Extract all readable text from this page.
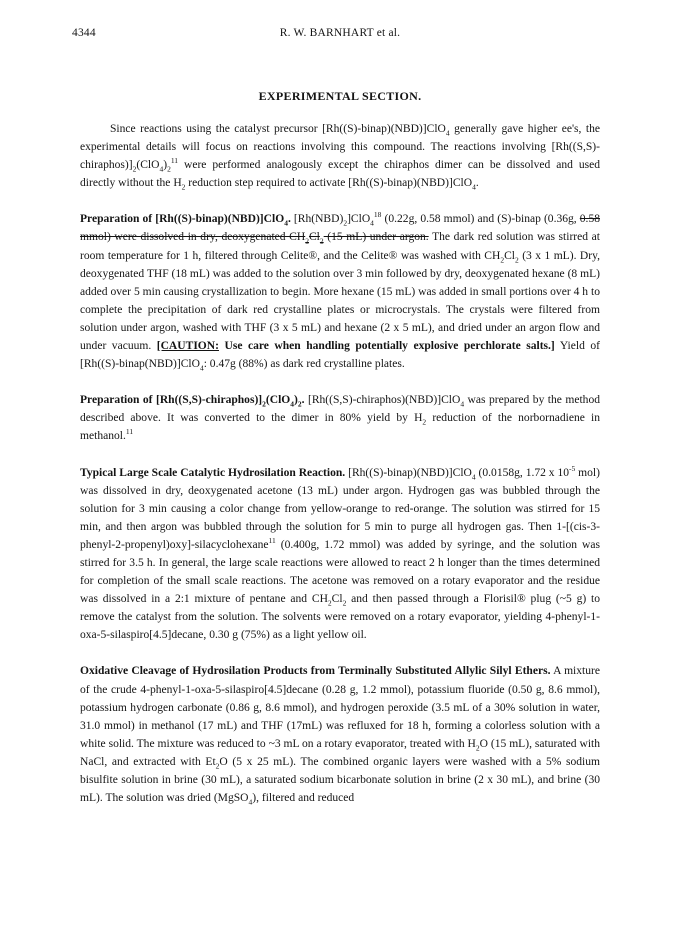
4344	R. W. BARNHART et al.
EXPERIMENTAL SECTION.

Since reactions using the catalyst precursor [Rh((S)-binap)(NBD)]ClO$_4$ generally gave higher ee's, the experimental details will focus on reactions involving this compound. The reactions involving $[Rh((S,S)-chiraphos)]_2(ClO_4)_2^{11}$ were performed analogously except the chiraphos dimer can be dissolved and used directly without the $H_2$ reduction step required to activate [Rh((S)-binap)(NBD)]ClO$_4$.

Preparation of [Rh((S)-binap)(NBD)]ClO$_4$. $[Rh(NBD)_2]ClO_4^{18}$ (0.22g, 0.58 mmol) and (S)-binap (0.36g, 0.58 mmol) were dissolved in dry, deoxygenated $CH_2Cl_2$ (15 mL) under argon. The dark red solution was stirred at room temperature for 1 h, filtered through Celite®, and the Celite® was washed with $CH_2Cl_2$ (3 x 1 mL). Dry, deoxygenated THF (18 mL) was added to the solution over 3 min followed by dry, deoxygenated hexane (8 mL) added over 5 min causing crystallization to begin. More hexane (15 mL) was added in small portions over 4 h to complete the precipitation of dark red crystalline plates or microcrystals. The crystals were filtered from solution under argon, washed with THF (3 x 5 mL) and hexane (2 x 5 mL), and dried under an argon flow and under vacuum. [CAUTION: Use care when handling potentially explosive perchlorate salts.] Yield of [Rh((S)-binap(NBD)]ClO$_4$: 0.47g (88%) as dark red crystalline plates.

Preparation of $[Rh((S,S)-chiraphos)]_2(ClO_4)_2$. [Rh((S,S)-chiraphos)(NBD)]ClO$_4$ was prepared by the method described above. It was converted to the dimer in 80% yield by $H_2$ reduction of the norbornadiene in methanol.$^{11}$

Typical Large Scale Catalytic Hydrosilation Reaction. [Rh((S)-binap)(NBD)]ClO$_4$ (0.0158g, 1.72 x $10^{-5}$ mol) was dissolved in dry, deoxygenated acetone (13 mL) under argon. Hydrogen gas was bubbled through the solution for 3 min causing a color change from yellow-orange to red-orange. The solution was stirred for 15 min, and then argon was bubbled through the solution for 5 min to purge all hydrogen gas. Then 1-[(cis-3-phenyl-2-propenyl)oxy]-silacyclohexane$^{11}$ (0.400g, 1.72 mmol) was added by syringe, and the solution was stirred for 3.5 h. In general, the large scale reactions were allowed to react 2 h longer than the times determined for completion of the small scale reactions. The acetone was removed on a rotary evaporator and the residue was dissolved in a 2:1 mixture of pentane and $CH_2Cl_2$ and then passed through a Florisil® plug (~5 g) to remove the catalyst from the solution. The solvents were removed on a rotary evaporator, yielding 4-phenyl-1-oxa-5-silaspiro[4.5]decane, 0.30 g (75%) as a light yellow oil.

Oxidative Cleavage of Hydrosilation Products from Terminally Substituted Allylic Silyl Ethers. A mixture of the crude 4-phenyl-1-oxa-5-silaspiro[4.5]decane (0.28 g, 1.2 mmol), potassium fluoride (0.50 g, 8.6 mmol), potassium hydrogen carbonate (0.86 g, 8.6 mmol), and hydrogen peroxide (3.5 mL of a 30% solution in water, 31.0 mmol) in methanol (17 mL) and THF (17mL) was refluxed for 18 h, forming a colorless solution with a white solid. The mixture was reduced to ~3 mL on a rotary evaporator, treated with $H_2O$ (15 mL), saturated with NaCl, and extracted with $Et_2O$ (5 x 25 mL). The combined organic layers were washed with a 5% sodium bisulfite solution in brine (30 mL), a saturated sodium bicarbonate solution in brine (2 x 30 mL), and brine (30 mL). The solution was dried (MgSO$_4$), filtered and reduced
